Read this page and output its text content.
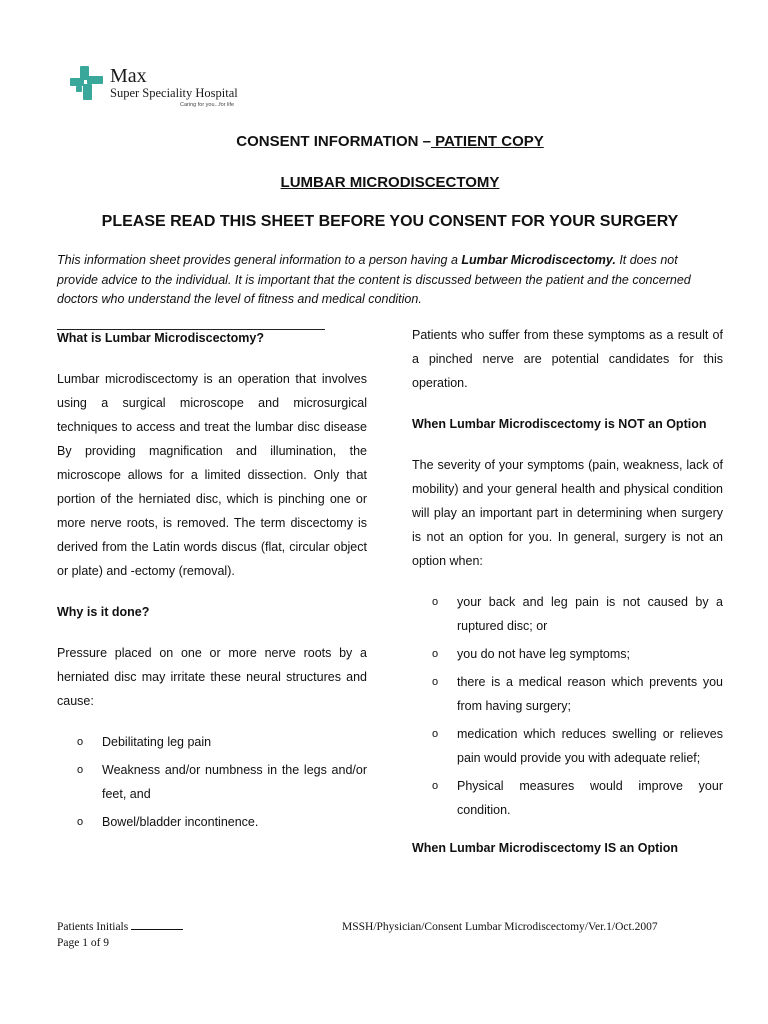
Max
Super Speciality Hospital
Caring for you...for life
CONSENT INFORMATION – PATIENT COPY
LUMBAR MICRODISCECTOMY
PLEASE READ THIS SHEET BEFORE YOU CONSENT FOR YOUR SURGERY
This information sheet provides general information to a person having a Lumbar Microdiscectomy. It does not provide advice to the individual. It is important that the content is discussed between the patient and the concerned doctors who understand the level of fitness and medical condition.
What is Lumbar Microdiscectomy?

Lumbar microdiscectomy is an operation that involves using a surgical microscope and microsurgical techniques to access and treat the lumbar disc disease By providing magnification and illumination, the microscope allows for a limited dissection. Only that portion of the herniated disc, which is pinching one or more nerve roots, is removed. The term discectomy is derived from the Latin words discus (flat, circular object or plate) and -ectomy (removal).

Why is it done?

Pressure placed on one or more nerve roots by a herniated disc may irritate these neural structures and cause:

o Debilitating leg pain
o Weakness and/or numbness in the legs and/or feet, and
o Bowel/bladder incontinence.

Patients who suffer from these symptoms as a result of a pinched nerve are potential candidates for this operation.

When Lumbar Microdiscectomy is NOT an Option

The severity of your symptoms (pain, weakness, lack of mobility) and your general health and physical condition will play an important part in determining when surgery is not an option for you. In general, surgery is not an option when:

o your back and leg pain is not caused by a ruptured disc; or
o you do not have leg symptoms;
o there is a medical reason which prevents you from having surgery;
o medication which reduces swelling or relieves pain would provide you with adequate relief;
o Physical measures would improve your condition.
When Lumbar Microdiscectomy IS an Option
Patients Initials	MSSH/Physician/Consent Lumbar Microdiscectomy/Ver.1/Oct.2007
Page 1 of 9
